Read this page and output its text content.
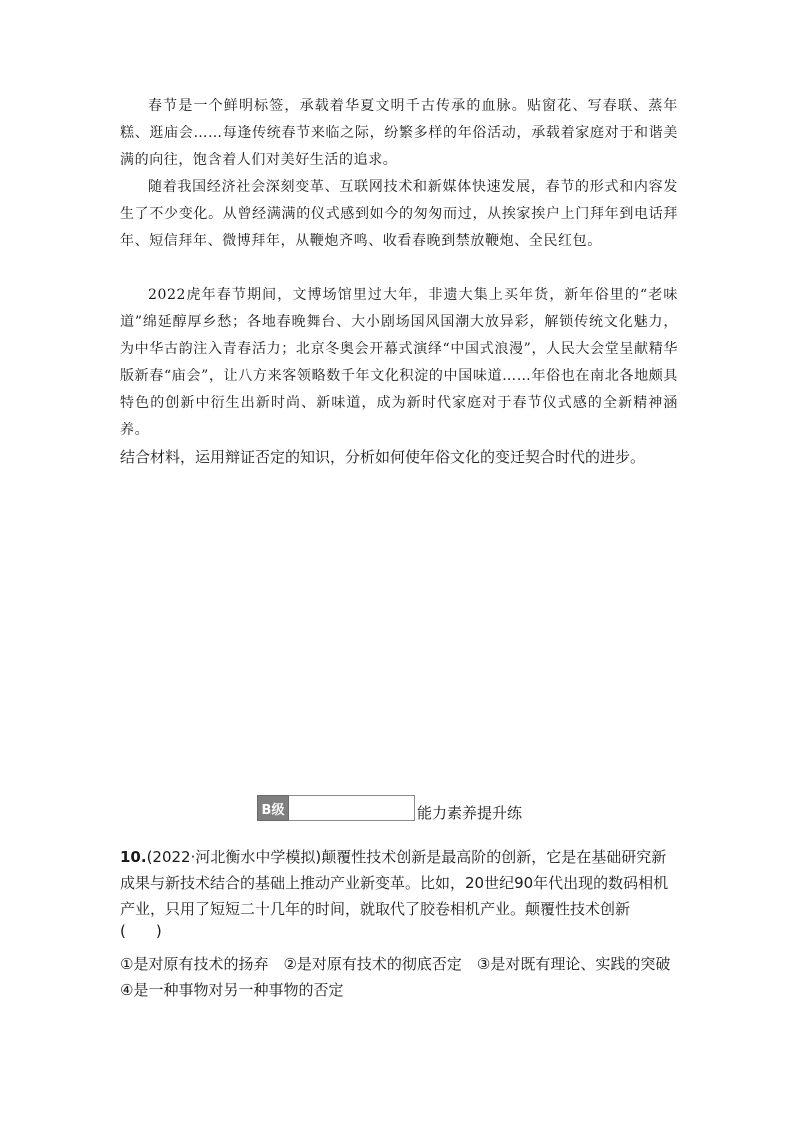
春节是一个鲜明标签，承载着华夏文明千古传承的血脉。贴窗花、写春联、蒸年糕、逛庙会……每逢传统春节来临之际，纷繁多样的年俗活动，承载着家庭对于和谐美满的向往，饱含着人们对美好生活的追求。

随着我国经济社会深刻变革、互联网技术和新媒体快速发展，春节的形式和内容发生了不少变化。从曾经满满的仪式感到如今的匆匆而过，从挨家挨户上门拜年到电话拜年、短信拜年、微博拜年，从鞭炮齐鸣、收看春晚到禁放鞭炮、全民红包。

2022虎年春节期间，文博场馆里过大年，非遗大集上买年货，新年俗里的“老味道”绵延醇厚乡愁；各地春晚舞台、大小剧场国风国潮大放异彩，解锁传统文化魅力，为中华古韵注入青春活力；北京冬奥会开幕式演绎“中国式浪漫”，人民大会堂呈献精华版新春“庙会”，让八方来客领略数千年文化积淀的中国味道……年俗也在南北各地颇具特色的创新中衍生出新时尚、新味道，成为新时代家庭对于春节仪式感的全新精神涵养。

结合材料，运用辩证否定的知识，分析如何使年俗文化的变迁契合时代的进步。

B级	能力素养提升练

10.(2022·河北衡水中学模拟)颠覆性技术创新是最高阶的创新，它是在基础研究新成果与新技术结合的基础上推动产业新变革。比如，20世纪90年代出现的数码相机产业，只用了短短二十几年的时间，就取代了胶卷相机产业。颠覆性技术创新

(　　)

①是对原有技术的扬弃　②是对原有技术的彻底否定　③是对既有理论、实践的突破　④是一种事物对另一种事物的否定
